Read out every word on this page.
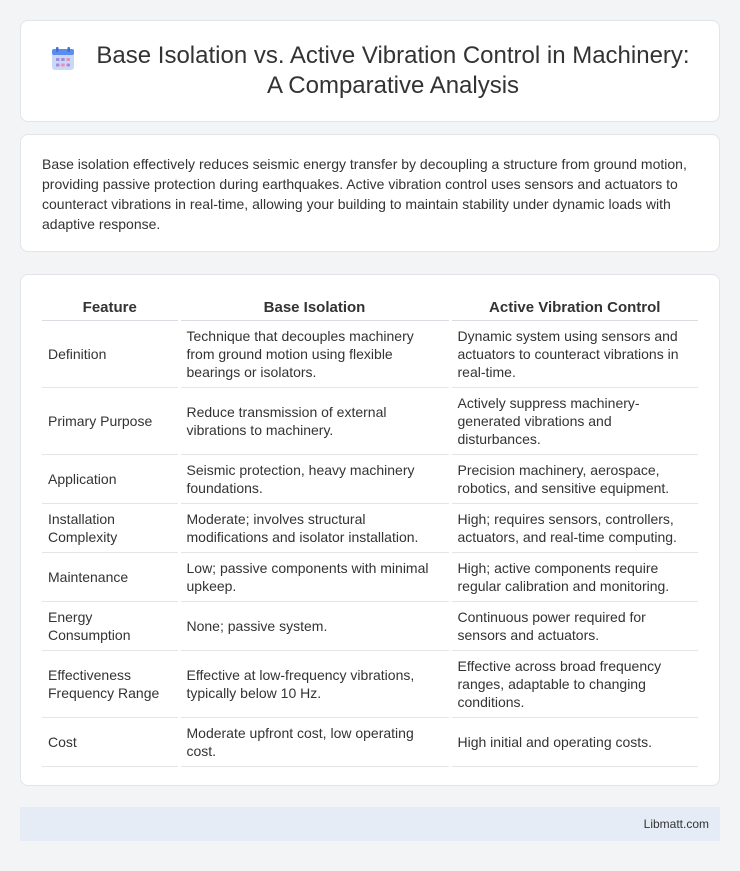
Base Isolation vs. Active Vibration Control in Machinery:
A Comparative Analysis

Base isolation effectively reduces seismic energy transfer by decoupling a structure from ground motion, providing passive protection during earthquakes. Active vibration control uses sensors and actuators to counteract vibrations in real-time, allowing your building to maintain stability under dynamic loads with adaptive response.

Feature	Base Isolation	Active Vibration Control
Definition	Technique that decouples machinery from ground motion using flexible bearings or isolators.	Dynamic system using sensors and actuators to counteract vibrations in real-time.
Primary Purpose	Reduce transmission of external vibrations to machinery.	Actively suppress machinery-generated vibrations and disturbances.
Application	Seismic protection, heavy machinery foundations.	Precision machinery, aerospace, robotics, and sensitive equipment.
Installation Complexity	Moderate; involves structural modifications and isolator installation.	High; requires sensors, controllers, actuators, and real-time computing.
Maintenance	Low; passive components with minimal upkeep.	High; active components require regular calibration and monitoring.
Energy Consumption	None; passive system.	Continuous power required for sensors and actuators.
Effectiveness Frequency Range	Effective at low-frequency vibrations, typically below 10 Hz.	Effective across broad frequency ranges, adaptable to changing conditions.
Cost	Moderate upfront cost, low operating cost.	High initial and operating costs.
Libmatt.com
